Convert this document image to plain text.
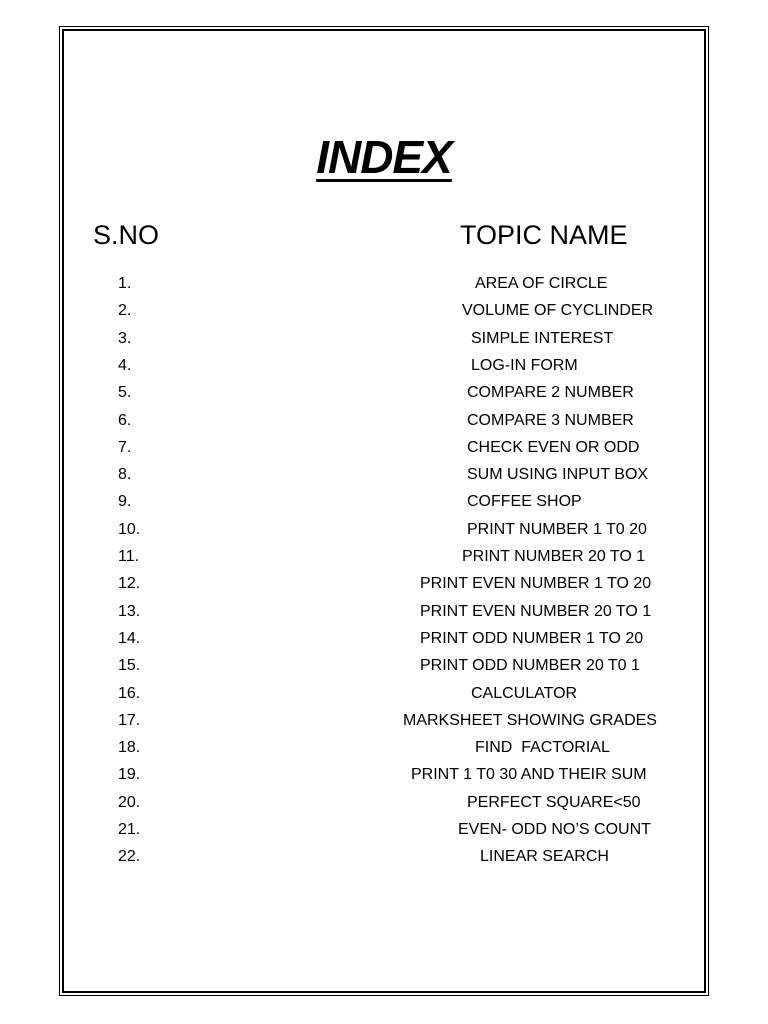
INDEX
S.NO	TOPIC NAME
1.	AREA OF CIRCLE
2.	VOLUME OF CYCLINDER
3.	SIMPLE INTEREST
4.	LOG-IN FORM
5.	COMPARE 2 NUMBER
6.	COMPARE 3 NUMBER
7.	CHECK EVEN OR ODD
8.	SUM USING INPUT BOX
9.	COFFEE SHOP
10.	PRINT NUMBER 1 T0 20
11.	PRINT NUMBER 20 TO 1
12.	PRINT EVEN NUMBER 1 TO 20
13.	PRINT EVEN NUMBER 20 TO 1
14.	PRINT ODD NUMBER 1 TO 20
15.	PRINT ODD NUMBER 20 T0 1
16.	CALCULATOR
17.	MARKSHEET SHOWING GRADES
18.	FIND  FACTORIAL
19.	PRINT 1 T0 30 AND THEIR SUM
20.	PERFECT SQUARE<50
21.	EVEN- ODD NO’S COUNT
22.	LINEAR SEARCH
